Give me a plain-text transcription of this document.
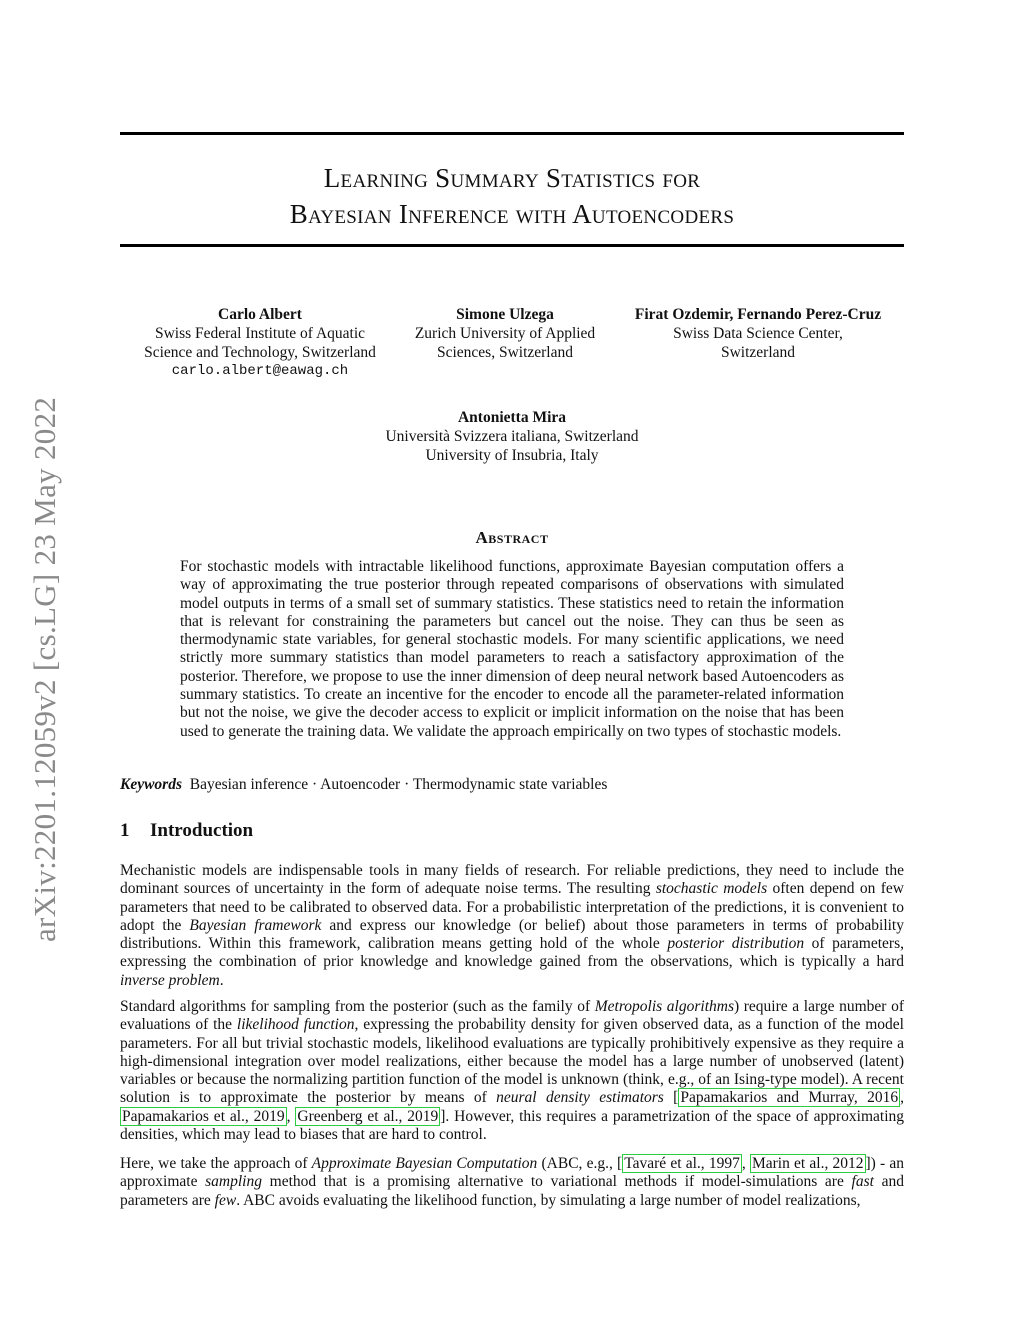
arXiv:2201.12059v2 [cs.LG] 23 May 2022
Learning Summary Statistics for
Bayesian Inference with Autoencoders
Carlo Albert
Swiss Federal Institute of Aquatic
Science and Technology, Switzerland
carlo.albert@eawag.ch
Simone Ulzega
Zurich University of Applied
Sciences, Switzerland
Firat Ozdemir, Fernando Perez-Cruz
Swiss Data Science Center,
Switzerland
Antonietta Mira
Università Svizzera italiana, Switzerland
University of Insubria, Italy
Abstract
For stochastic models with intractable likelihood functions, approximate Bayesian computation offers a way of approximating the true posterior through repeated comparisons of observations with simulated model outputs in terms of a small set of summary statistics. These statistics need to retain the information that is relevant for constraining the parameters but cancel out the noise. They can thus be seen as thermodynamic state variables, for general stochastic models. For many scientific applications, we need strictly more summary statistics than model parameters to reach a satisfactory approximation of the posterior. Therefore, we propose to use the inner dimension of deep neural network based Autoencoders as summary statistics. To create an incentive for the encoder to encode all the parameter-related information but not the noise, we give the decoder access to explicit or implicit information on the noise that has been used to generate the training data. We validate the approach empirically on two types of stochastic models.
Keywords Bayesian inference · Autoencoder · Thermodynamic state variables
1 Introduction

Mechanistic models are indispensable tools in many fields of research. For reliable predictions, they need to include the dominant sources of uncertainty in the form of adequate noise terms. The resulting stochastic models often depend on few parameters that need to be calibrated to observed data. For a probabilistic interpretation of the predictions, it is convenient to adopt the Bayesian framework and express our knowledge (or belief) about those parameters in terms of probability distributions. Within this framework, calibration means getting hold of the whole posterior distribution of parameters, expressing the combination of prior knowledge and knowledge gained from the observations, which is typically a hard inverse problem.

Standard algorithms for sampling from the posterior (such as the family of Metropolis algorithms) require a large number of evaluations of the likelihood function, expressing the probability density for given observed data, as a function of the model parameters. For all but trivial stochastic models, likelihood evaluations are typically prohibitively expensive as they require a high-dimensional integration over model realizations, either because the model has a large number of unobserved (latent) variables or because the normalizing partition function of the model is unknown (think, e.g., of an Ising-type model). A recent solution is to approximate the posterior by means of neural density estimators [ Papamakarios and Murray, 2016 , Papamakarios et al., 2019 , Greenberg et al., 2019 ]. However, this requires a parametrization of the space of approximating densities, which may lead to biases that are hard to control.

Here, we take the approach of Approximate Bayesian Computation (ABC, e.g., [ Tavaré et al., 1997 , Marin et al., 2012 ]) - an approximate sampling method that is a promising alternative to variational methods if model-simulations are fast and parameters are few. ABC avoids evaluating the likelihood function, by simulating a large number of model realizations,
